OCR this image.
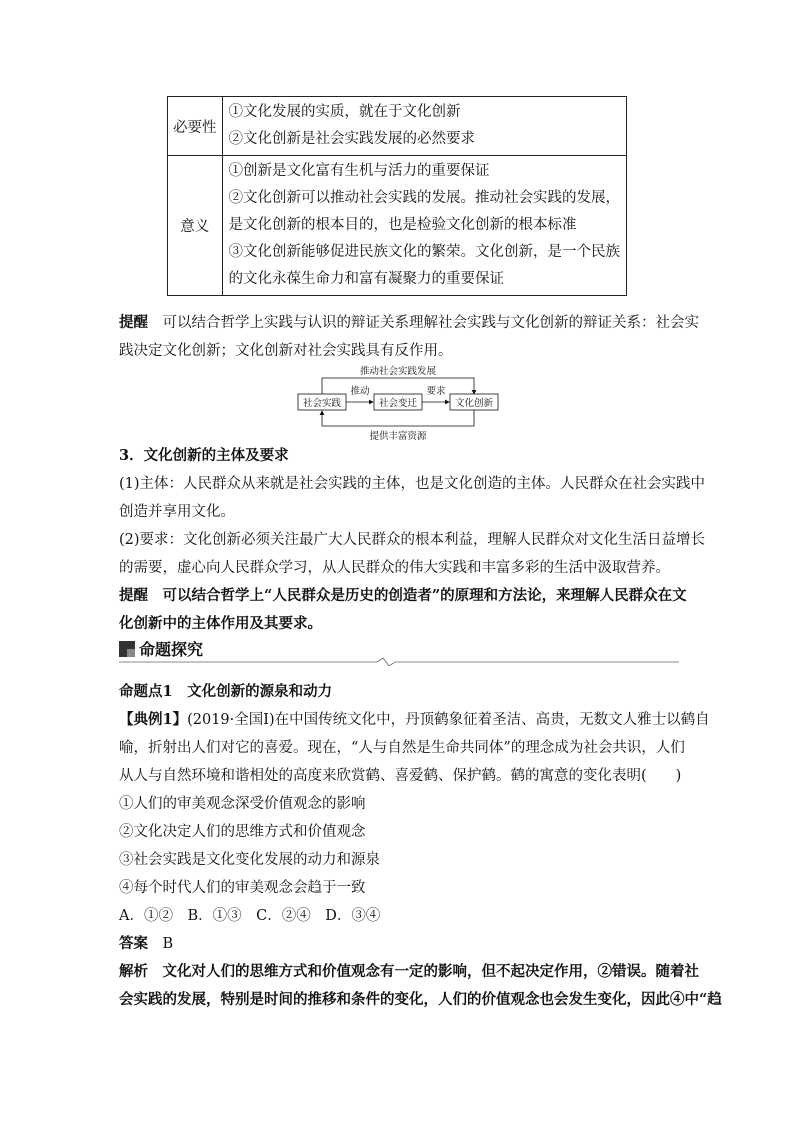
必要性	①文化发展的实质，就在于文化创新
②文化创新是社会实践发展的必然要求

意义	①创新是文化富有生机与活力的重要保证
②文化创新可以推动社会实践的发展。推动社会实践的发展，
是文化创新的根本目的，也是检验文化创新的根本标准
③文化创新能够促进民族文化的繁荣。文化创新，是一个民族
的文化永葆生命力和富有凝聚力的重要保证
提醒　 可以结合哲学上实践与认识的辩证关系理解社会实践与文化创新的辩证关系：社会实
践决定文化创新；文化创新对社会实践具有反作用。
推动社会实践发展
社会实践	社会变迁	文化创新
推动	要求
提供丰富资源
3．文化创新的主体及要求
(1)主体：人民群众从来就是社会实践的主体，也是文化创造的主体。人民群众在社会实践中
创造并享用文化。
(2)要求：文化创新必须关注最广大人民群众的根本利益，理解人民群众对文化生活日益增长
的需要，虚心向人民群众学习，从人民群众的伟大实践和丰富多彩的生活中汲取营养。
提醒　 可以结合哲学上“人民群众是历史的创造者”的原理和方法论，来理解人民群众在文
化创新中的主体作用及其要求。
命题探究
命题点1　 文化创新的源泉和动力
【典例1】(2019·全国Ⅰ)在中国传统文化中，丹顶鹤象征着圣洁、高贵，无数文人雅士以鹤自
喻，折射出人们对它的喜爱。现在，“人与自然是生命共同体”的理念成为社会共识，人们
从人与自然环境和谐相处的高度来欣赏鹤、喜爱鹤、保护鹤。鹤的寓意的变化表明(　　)
①人们的审美观念深受价值观念的影响
②文化决定人们的思维方式和价值观念
③社会实践是文化变化发展的动力和源泉
④每个时代人们的审美观念会趋于一致
A．①②　B．①③　C．②④　D．③④
答案　 B
解析　 文化对人们的思维方式和价值观念有一定的影响，但不起决定作用，②错误。随着社
会实践的发展，特别是时间的推移和条件的变化，人们的价值观念也会发生变化，因此④中“趋
